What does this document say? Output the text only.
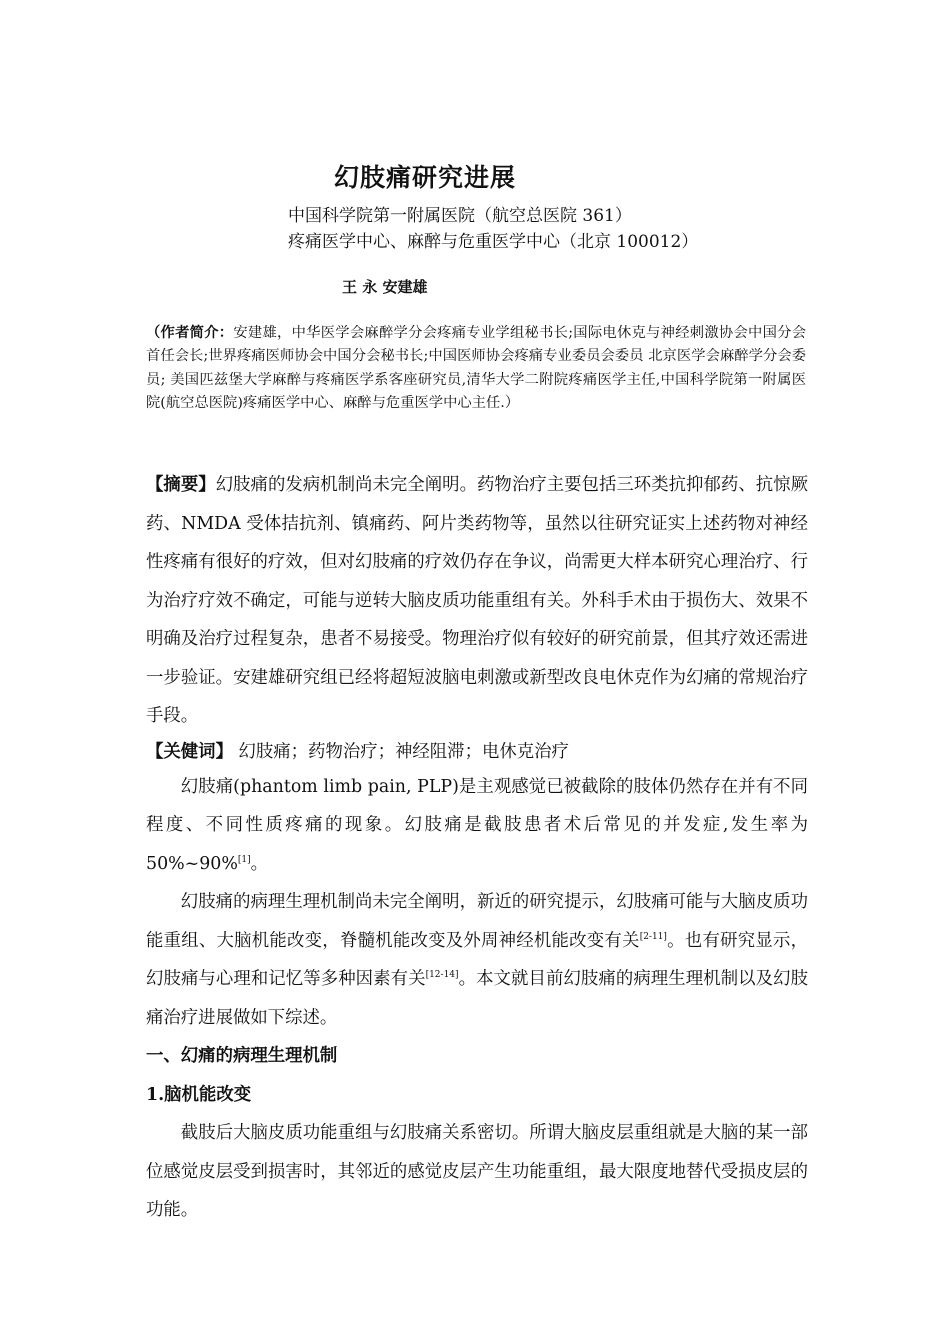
幻肢痛研究进展
中国科学院第一附属医院（航空总医院 361）
疼痛医学中心、麻醉与危重医学中心（北京 100012）
王 永 安建雄

（作者简介：安建雄，中华医学会麻醉学分会疼痛专业学组秘书长;国际电休克与神经刺激协会中国分会首任会长;世界疼痛医师协会中国分会秘书长;中国医师协会疼痛专业委员会委员 北京医学会麻醉学分会委员; 美国匹兹堡大学麻醉与疼痛医学系客座研究员,清华大学二附院疼痛医学主任,中国科学院第一附属医院(航空总医院)疼痛医学中心、麻醉与危重医学中心主任.）

【摘要】幻肢痛的发病机制尚未完全阐明。药物治疗主要包括三环类抗抑郁药、抗惊厥药、NMDA 受体拮抗剂、镇痛药、阿片类药物等，虽然以往研究证实上述药物对神经性疼痛有很好的疗效，但对幻肢痛的疗效仍存在争议，尚需更大样本研究心理治疗、行为治疗疗效不确定，可能与逆转大脑皮质功能重组有关。外科手术由于损伤大、效果不明确及治疗过程复杂，患者不易接受。物理治疗似有较好的研究前景，但其疗效还需进一步验证。安建雄研究组已经将超短波脑电刺激或新型改良电休克作为幻痛的常规治疗手段。

【关健词】 幻肢痛；药物治疗；神经阻滞；电休克治疗

幻肢痛(phantom limb pain, PLP)是主观感觉已被截除的肢体仍然存在并有不同程度、不同性质疼痛的现象。幻肢痛是截肢患者术后常见的并发症,发生率为 50%~90%[1]。

幻肢痛的病理生理机制尚未完全阐明，新近的研究提示，幻肢痛可能与大脑皮质功能重组、大脑机能改变，脊髓机能改变及外周神经机能改变有关[2-11]。也有研究显示，幻肢痛与心理和记忆等多种因素有关[12-14]。本文就目前幻肢痛的病理生理机制以及幻肢痛治疗进展做如下综述。

一、幻痛的病理生理机制

1.脑机能改变

截肢后大脑皮质功能重组与幻肢痛关系密切。所谓大脑皮层重组就是大脑的某一部位感觉皮层受到损害时，其邻近的感觉皮层产生功能重组，最大限度地替代受损皮层的功能。
